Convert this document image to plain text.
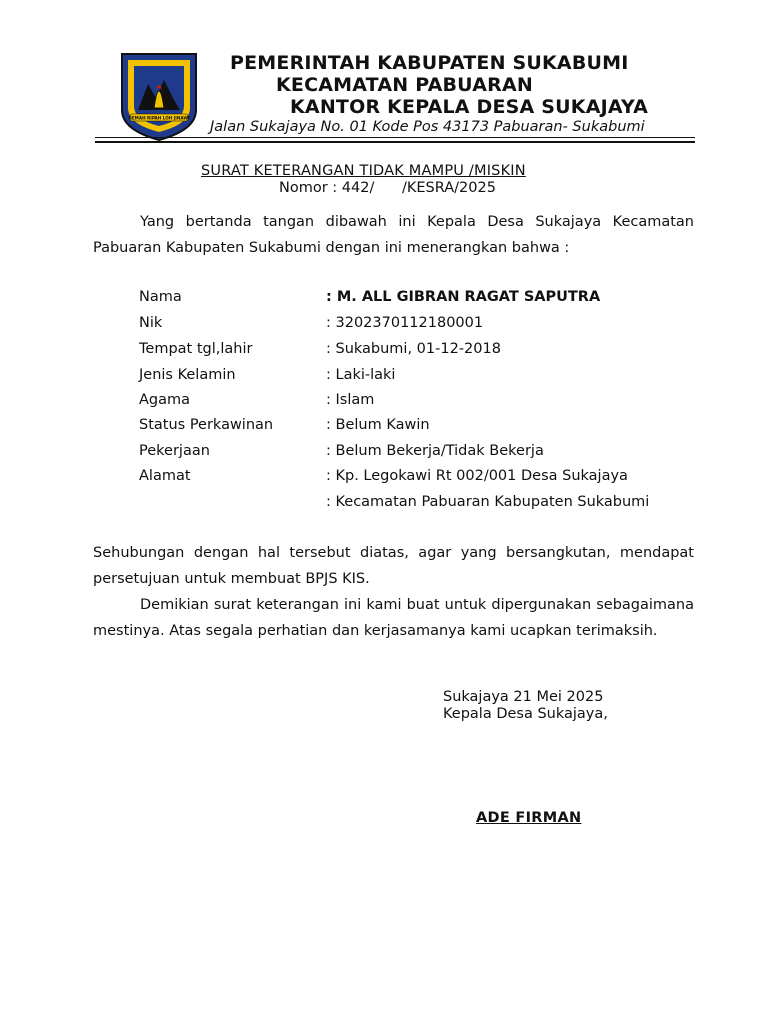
GEMAH RIPAH LOH JINAWI
PEMERINTAH KABUPATEN SUKABUMI
KECAMATAN PABUARAN
KANTOR KEPALA DESA SUKAJAYA
Jalan Sukajaya No. 01 Kode Pos 43173 Pabuaran- Sukabumi
SURAT KETERANGAN TIDAK MAMPU /MISKIN
Nomor : 442/      /KESRA/2025
Yang bertanda tangan dibawah ini Kepala Desa Sukajaya Kecamatan Pabuaran Kabupaten Sukabumi dengan ini menerangkan bahwa :
Nama	: M. ALL GIBRAN RAGAT SAPUTRA
Nik	: 3202370112180001
Tempat tgl,lahir	: Sukabumi, 01-12-2018
Jenis Kelamin	: Laki-laki
Agama	: Islam
Status Perkawinan	: Belum Kawin
Pekerjaan	: Belum Bekerja/Tidak Bekerja
Alamat	: Kp. Legokawi Rt 002/001 Desa Sukajaya
: Kecamatan Pabuaran Kabupaten Sukabumi
Sehubungan dengan hal tersebut diatas, agar yang bersangkutan, mendapat persetujuan untuk membuat BPJS KIS.
Demikian surat keterangan ini kami buat untuk dipergunakan sebagaimana mestinya. Atas segala perhatian dan kerjasamanya kami ucapkan terimaksih.
Sukajaya 21 Mei 2025
Kepala Desa Sukajaya,
ADE FIRMAN
